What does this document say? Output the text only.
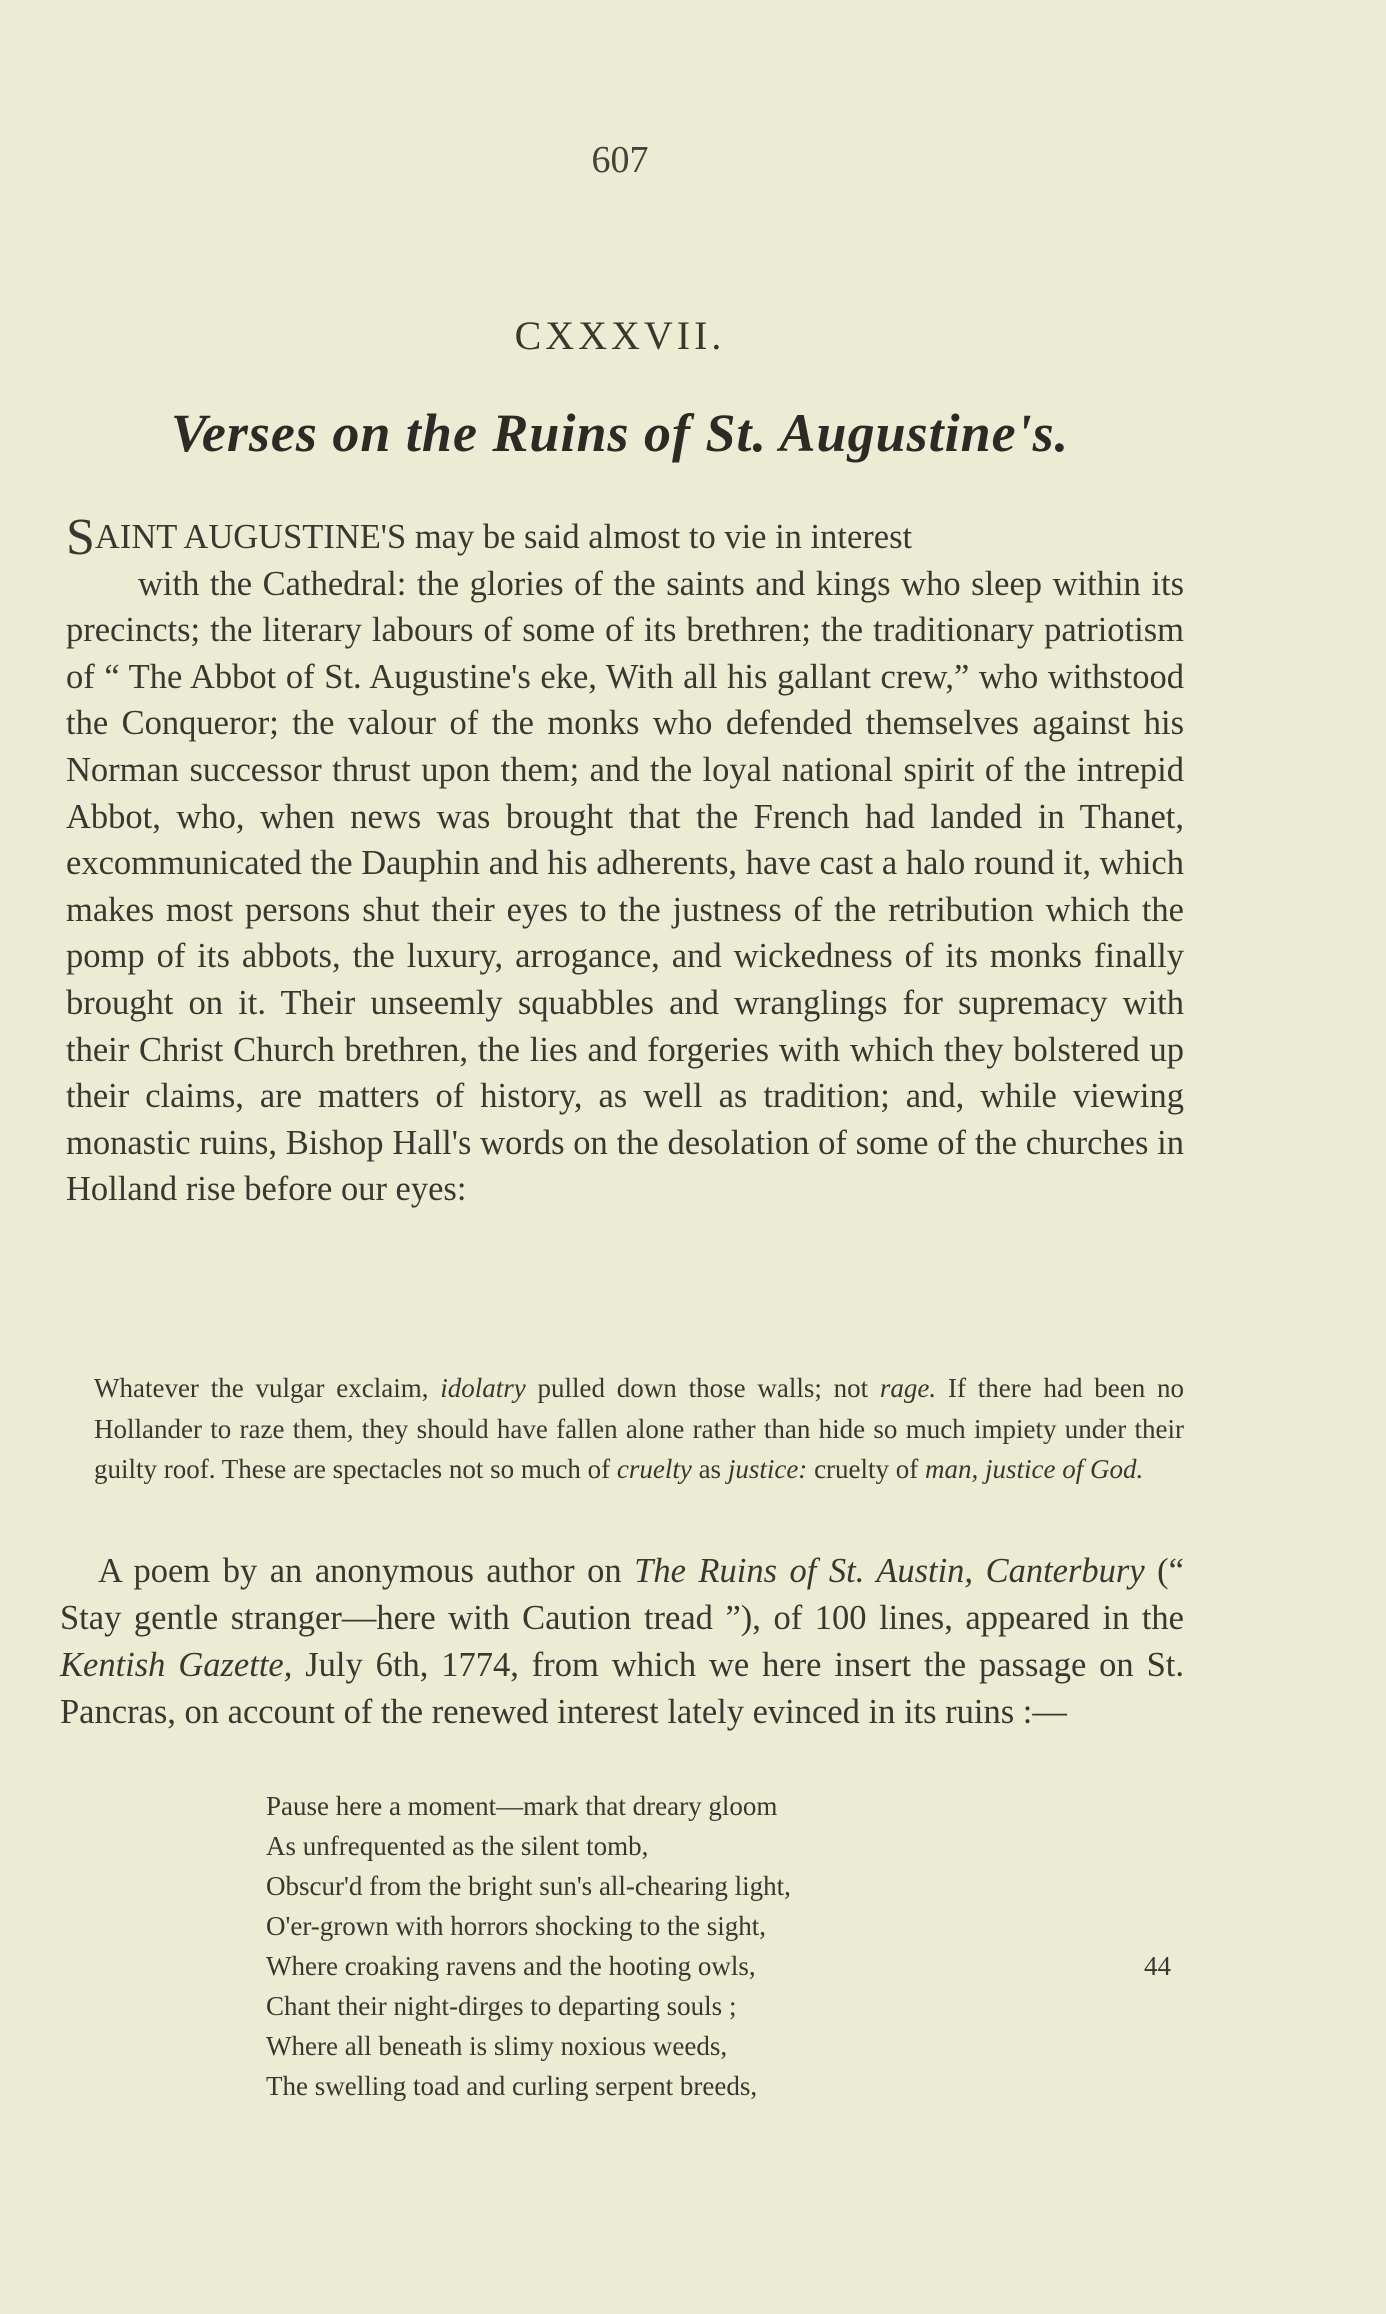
607
CXXXVII.
Verses on the Ruins of St. Augustine's.
SAINT AUGUSTINE'S may be said almost to vie in interest
with the Cathedral: the glories of the saints and kings who sleep within its precincts; the literary labours of some of its brethren; the traditionary patriotism of “ The Abbot of St. Augustine's eke, With all his gallant crew,” who withstood the Conqueror; the valour of the monks who defended themselves against his Norman successor thrust upon them; and the loyal national spirit of the intrepid Abbot, who, when news was brought that the French had landed in Thanet, excommunicated the Dauphin and his adherents, have cast a halo round it, which makes most persons shut their eyes to the justness of the retribution which the pomp of its abbots, the luxury, arrogance, and wickedness of its monks finally brought on it. Their unseemly squabbles and wranglings for supremacy with their Christ Church brethren, the lies and forgeries with which they bolstered up their claims, are matters of history, as well as tradition; and, while viewing monastic ruins, Bishop Hall's words on the desolation of some of the churches in Holland rise before our eyes:
Whatever the vulgar exclaim, idolatry pulled down those walls; not rage. If there had been no Hollander to raze them, they should have fallen alone rather than hide so much impiety under their guilty roof. These are spectacles not so much of cruelty as justice: cruelty of man, justice of God.
A poem by an anonymous author on The Ruins of St. Austin, Canterbury (“ Stay gentle stranger—here with Caution tread ”), of 100 lines, appeared in the Kentish Gazette, July 6th, 1774, from which we here insert the passage on St. Pancras, on account of the renewed interest lately evinced in its ruins :—
Pause here a moment—mark that dreary gloom
As unfrequented as the silent tomb,
Obscur'd from the bright sun's all-chearing light,
O'er-grown with horrors shocking to the sight,
Where croaking ravens and the hooting owls,	44
Chant their night-dirges to departing souls ;
Where all beneath is slimy noxious weeds,
The swelling toad and curling serpent breeds,
